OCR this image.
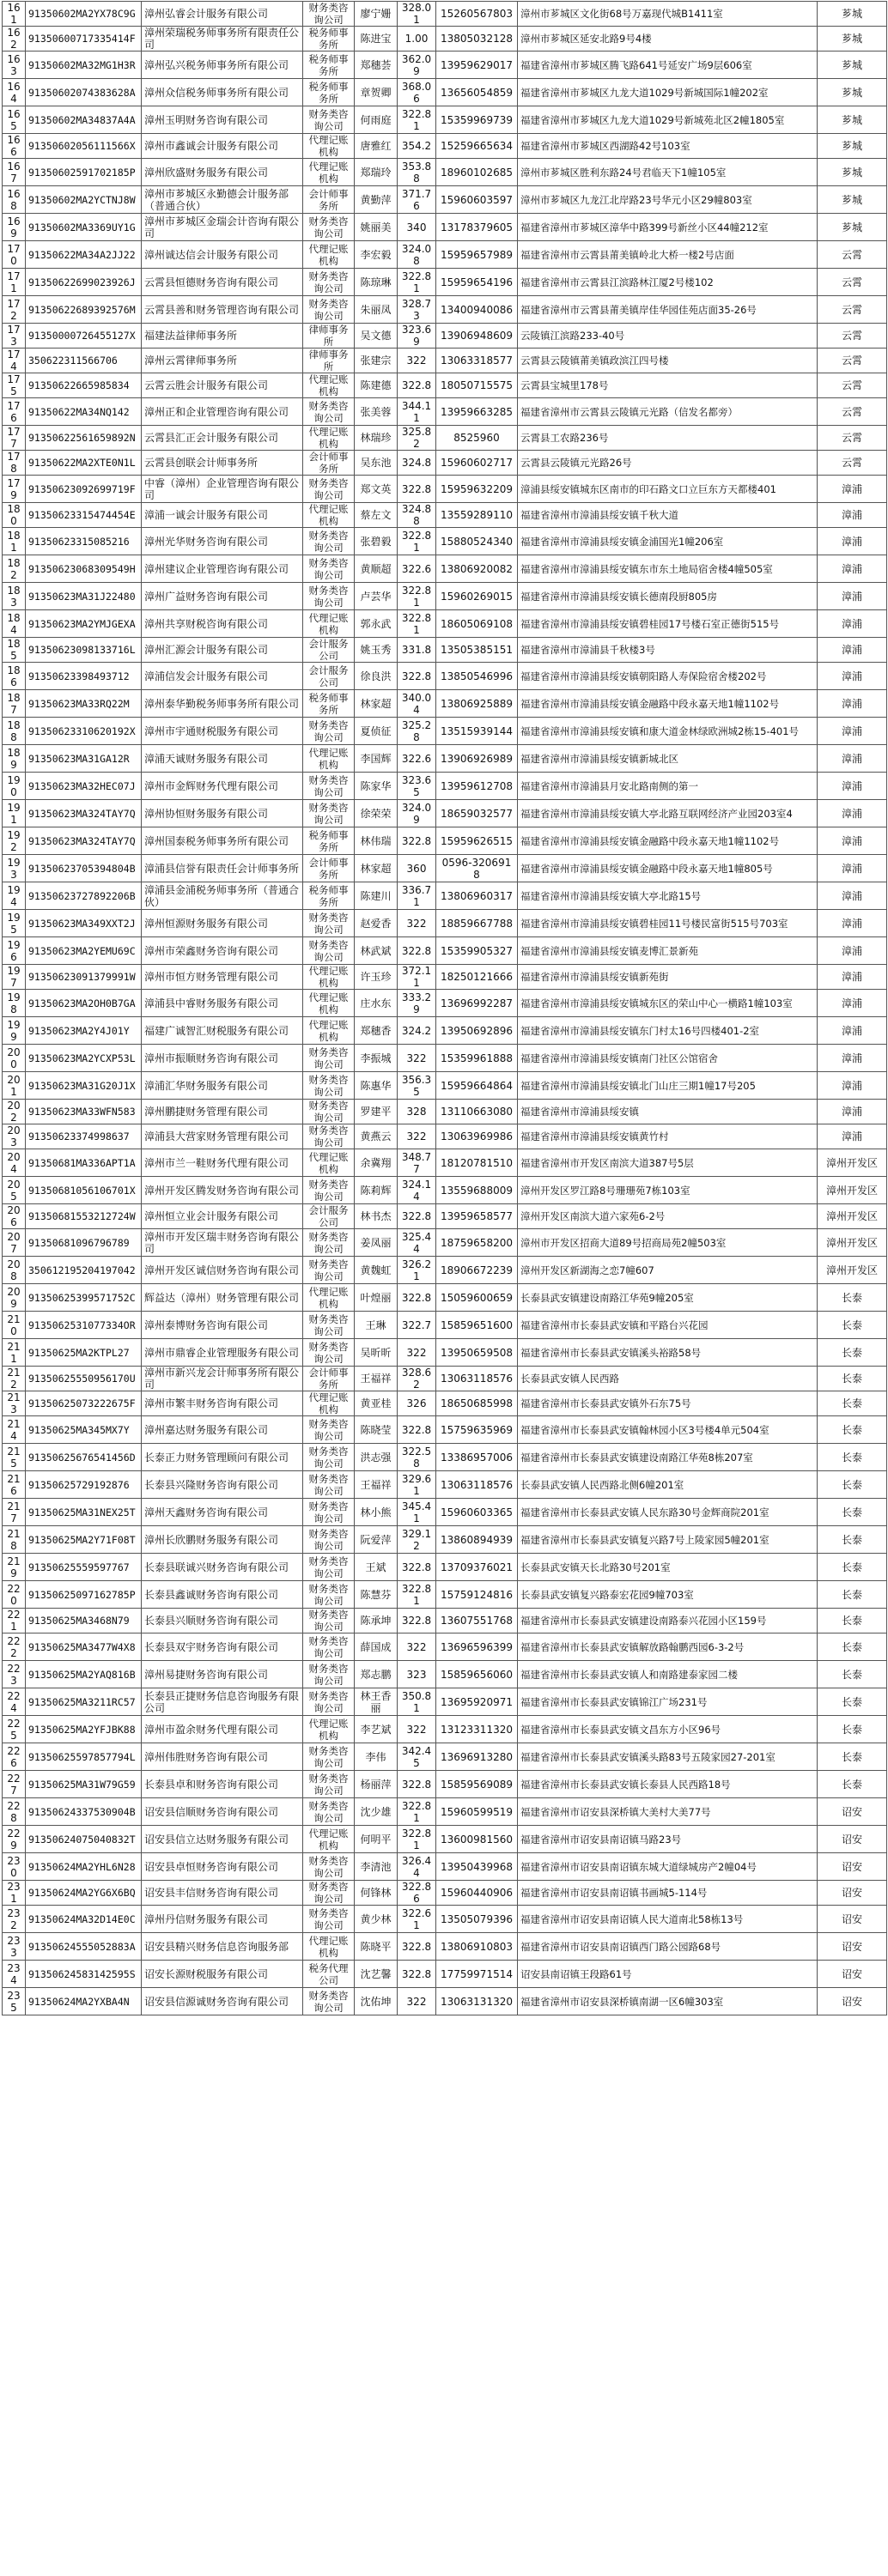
161	91350602MA2YX78C9G	漳州弘睿会计服务有限公司	财务类咨询公司	廖宁姗	328.01	15260567803	漳州市芗城区文化街68号万嘉现代城B1411室	芗城
162	91350600717335414F	漳州荣瑞税务师事务所有限责任公司	税务师事务所	陈进宝	1.00	13805032128	漳州市芗城区延安北路9号4楼	芗城
163	91350602MA32MG1H3R	漳州弘兴税务师事务所有限公司	税务师事务所	郑穗荟	362.09	13959629017	福建省漳州市芗城区腾飞路641号延安广场9层606室	芗城
164	91350602074383628A	漳州众信税务师事务所有限公司	税务师事务所	章贺卿	368.06	13656054859	福建省漳州市芗城区九龙大道1029号新城国际1幢202室	芗城
165	91350602MA34837A4A	漳州玉明财务咨询有限公司	财务类咨询公司	何雨庭	322.81	15359969739	福建省漳州市芗城区九龙大道1029号新城苑北区2幢1805室	芗城
166	91350602056111566X	漳州市鑫诚会计服务有限公司	代理记账机构	唐雅红	354.2	15259665634	福建省漳州市芗城区西湖路42号103室	芗城
167	91350602591702185P	漳州欣盛财务服务有限公司	代理记账机构	郑瑞玲	353.88	18960102685	漳州市芗城区胜利东路24号君临天下1幢105室	芗城
168	91350602MA2YCTNJ8W	漳州市芗城区永勤德会计服务部（普通合伙）	会计师事务所	黄勤萍	371.76	15960603597	漳州市芗城区九龙江北岸路23号华元小区29幢803室	芗城
169	91350602MA3369UY1G	漳州市芗城区金瑞会计咨询有限公司	财务类咨询公司	姚丽美	340	13178379605	福建省漳州市芗城区漳华中路399号新丝小区44幢212室	芗城
170	91350622MA34A2JJ22	漳州诚达信会计服务有限公司	代理记账机构	李宏毅	324.08	15959657989	福建省漳州市云霄县莆美镇岭北大桥一楼2号店面	云霄
171	91350622699023926J	云霄县恒德财务咨询有限公司	财务类咨询公司	陈琼琳	322.81	15959654196	福建省漳州市云霄县江滨路林江厦2号楼102	云霄
172	91350622689392576M	云霄县善和财务管理咨询有限公司	财务类咨询公司	朱丽凤	328.73	13400940086	福建省漳州市云霄县莆美镇岸佳华园佳苑店面35-26号	云霄
173	91350000726455127X	福建法益律师事务所	律师事务所	吴文德	323.69	13906948609	云陵镇江滨路233-40号	云霄
174	350622311566706	漳州云霄律师事务所	律师事务所	张建宗	322	13063318577	云霄县云陵镇莆美镇政滨江四号楼	云霄
175	91350622665985834	云霄云胜会计服务有限公司	代理记账机构	陈建德	322.8	18050715575	云霄县宝城里178号	云霄
176	91350622MA34NQ142	漳州正和企业管理咨询有限公司	财务类咨询公司	张美蓉	344.11	13959663285	福建省漳州市云霄县云陵镇元光路（信发名都旁）	云霄
177	91350622561659892N	云霄县汇正会计服务有限公司	代理记账机构	林瑞珍	325.82	8525960	云霄县工农路236号	云霄
178	91350622MA2XTE0N1L	云霄县创联会计师事务所	会计师事务所	吴东池	324.8	15960602717	云霄县云陵镇元光路26号	云霄
179	91350623092699719F	中睿（漳州）企业管理咨询有限公司	财务类咨询公司	郑文英	322.8	15959632209	漳浦县绥安镇城东区南市的印石路文口立巨东方天都楼401	漳浦
180	91350623315474454E	漳浦一诚会计服务有限公司	代理记账机构	蔡左文	324.88	13559289110	福建省漳州市漳浦县绥安镇千秋大道	漳浦
181	91350623315085216	漳州光华财务咨询有限公司	财务类咨询公司	张碧毅	322.81	15880524340	福建省漳州市漳浦县绥安镇金浦国光1幢206室	漳浦
182	91350623068309549H	漳州建议企业管理咨询有限公司	财务类咨询公司	黄顺超	322.6	13806920082	福建省漳州市漳浦县绥安镇东市东土地局宿舍楼4幢505室	漳浦
183	91350623MA31J22480	漳州广益财务咨询有限公司	财务类咨询公司	卢芸华	322.81	15960269015	福建省漳州市漳浦县绥安镇长德南段厨805房	漳浦
184	91350623MA2YMJGEXA	漳州共享财税咨询有限公司	代理记账机构	郭永武	322.81	18605069108	福建省漳州市漳浦县绥安镇碧桂园17号楼石室正德街515号	漳浦
185	91350623098133716L	漳州汇源会计服务有限公司	会计服务公司	姚玉秀	331.8	13505385151	福建省漳州市漳浦县千秋楼3号	漳浦
186	91350623398493712	漳浦信发会计服务有限公司	会计服务公司	徐良洪	322.8	13850546996	福建省漳州市漳浦县绥安镇朝阳路人寿保险宿舍楼202号	漳浦
187	91350623MA33RQ22M	漳州泰华勤税务师事务所有限公司	税务师事务所	林家超	340.04	13806925889	福建省漳州市漳浦县绥安镇金融路中段永嘉天地1幢1102号	漳浦
188	91350623310620192X	漳州市宇通财税服务有限公司	财务类咨询公司	夏侦征	325.28	13515939144	福建省漳州市漳浦县绥安镇和康大道金林绿欧洲城2栋15-401号	漳浦
189	91350623MA31GA12R	漳浦天诚财务服务有限公司	代理记账机构	李国辉	322.6	13906926989	福建省漳州市漳浦县绥安镇新城北区	漳浦
190	91350623MA32HEC07J	漳州市金辉财务代理有限公司	财务类咨询公司	陈家华	323.65	13959612708	福建省漳州市漳浦县月安北路南侧的第一	漳浦
191	91350623MA324TAY7Q	漳州协恒财务服务有限公司	财务类咨询公司	徐荣荣	324.09	18659032577	福建省漳州市漳浦县绥安镇大亭北路互联网经济产业园203室4	漳浦
192	91350623MA324TAY7Q	漳州国泰税务师事务所有限公司	税务师事务所	林伟瑞	322.8	15959626515	福建省漳州市漳浦县绥安镇金融路中段永嘉天地1幢1102号	漳浦
193	91350623705394804B	漳浦县信誉有限责任会计师事务所	会计师事务所	林家超	360	0596-3206918	福建省漳州市漳浦县绥安镇金融路中段永嘉天地1幢805号	漳浦
194	91350623727892206B	漳浦县金浦税务师事务所（普通合伙）	税务师事务所	陈建川	336.71	13806960317	福建省漳州市漳浦县绥安镇大亭北路15号	漳浦
195	91350623MA349XXT2J	漳州恒源财务服务有限公司	财务类咨询公司	赵爱香	322	18859667788	福建省漳州市漳浦县绥安镇碧桂园11号楼民富街515号703室	漳浦
196	91350623MA2YEMU69C	漳州市荣鑫财务咨询有限公司	财务类咨询公司	林武斌	322.8	15359905327	福建省漳州市漳浦县绥安镇麦博汇景新苑	漳浦
197	91350623091379991W	漳州市恒方财务管理有限公司	代理记账机构	许玉珍	372.11	18250121666	福建省漳州市漳浦县绥安镇新苑街	漳浦
198	91350623MA2OH0B7GA	漳浦县中睿财务服务有限公司	代理记账机构	庄水东	333.29	13696992287	福建省漳州市漳浦县绥安镇城东区的荣山中心一横路1幢103室	漳浦
199	91350623MA2Y4J01Y	福建广诚智汇财税服务有限公司	代理记账机构	郑穗香	324.2	13950692896	福建省漳州市漳浦县绥安镇东门村太16号四楼401-2室	漳浦
200	91350623MA2YCXP53L	漳州市振顺财务咨询有限公司	财务类咨询公司	李振城	322	15359961888	福建省漳州市漳浦县绥安镇南门社区公馆宿舍	漳浦
201	91350623MA31G20J1X	漳浦汇华财务服务有限公司	财务类咨询公司	陈惠华	356.35	15959664864	福建省漳州市漳浦县绥安镇北门山庄三期1幢17号205	漳浦
202	91350623MA33WFN583	漳州鹏捷财务管理有限公司	财务类咨询公司	罗建平	328	13110663080	福建省漳州市漳浦县绥安镇	漳浦
203	91350623374998637	漳浦县大营家财务管理有限公司	财务类咨询公司	黄燕云	322	13063969986	福建省漳州市漳浦县绥安镇黄竹村	漳浦
204	91350681MA336APT1A	漳州市兰一鞋财务代理有限公司	代理记账机构	余冀翔	348.77	18120781510	福建省漳州市开发区南滨大道387号5层	漳州开发区
205	91350681056106701X	漳州开发区腾发财务咨询有限公司	财务类咨询公司	陈莉辉	324.14	13559688009	漳州开发区罗江路8号珊珊苑7栋103室	漳州开发区
206	91350681553212724W	漳州恒立业会计服务有限公司	会计服务公司	林书杰	322.8	13959658577	漳州开发区南滨大道六家苑6-2号	漳州开发区
207	91350681096796789	漳州市开发区瑞丰财务咨询有限公司	财务类咨询公司	姜凤丽	325.44	18759658200	漳州市开发区招商大道89号招商局苑2幢503室	漳州开发区
208	350612195204197042	漳州开发区诚信财务咨询有限公司	财务类咨询公司	黄魏虹	326.21	18906672239	漳州开发区新湖海之恋7幢607	漳州开发区
209	91350625399571752C	辉益达（漳州）财务管理有限公司	代理记账机构	叶煌丽	322.8	15059600659	长泰县武安镇建设南路江华苑9幢205室	长泰
210	9135062531077334OR	漳州泰博财务咨询有限公司	财务类咨询公司	王琳	322.7	15859651600	福建省漳州市长泰县武安镇和平路台兴花园	长泰
211	91350625MA2KTPL27	漳州市鼎睿企业管理服务有限公司	财务类咨询公司	吴昕昕	322	13950659508	福建省漳州市长泰县武安镇溪头裕路58号	长泰
212	91350625550956170U	漳州市新兴龙会计师事务所有限公司	会计师事务所	王福祥	328.62	13063118576	长泰县武安镇人民西路	长泰
213	91350625073222675F	漳州市繁丰财务咨询有限公司	代理记账机构	黄亚桂	326	18650685998	福建省漳州市长泰县武安镇外石东75号	长泰
214	91350625MA345MX7Y	漳州嘉达财务服务有限公司	财务类咨询公司	陈晓莹	322.8	15759635969	福建省漳州市长泰县武安镇翰林园小区3号楼4单元504室	长泰
215	91350625676541456D	长泰正力财务管理顾问有限公司	财务类咨询公司	洪志强	322.58	13386957006	福建省漳州市长泰县武安镇建设南路江华苑8栋207室	长泰
216	91350625729192876	长泰县兴隆财务咨询有限公司	财务类咨询公司	王福祥	329.61	13063118576	长泰县武安镇人民西路北侧6幢201室	长泰
217	91350625MA31NEX25T	漳州天鑫财务咨询有限公司	财务类咨询公司	林小熊	345.41	15960603365	福建省漳州市长泰县武安镇人民东路30号金辉商院201室	长泰
218	91350625MA2Y71F08T	漳州长欣鹏财务服务有限公司	财务类咨询公司	阮爱萍	329.12	13860894939	福建省漳州市长泰县武安镇复兴路7号上陵家园5幢201室	长泰
219	91350625559597767	长泰县联诚兴财务咨询有限公司	财务类咨询公司	王斌	322.8	13709376021	长泰县武安镇天长北路30号201室	长泰
220	91350625097162785P	长泰县鑫诚财务咨询有限公司	财务类咨询公司	陈慧芬	322.81	15759124816	长泰县武安镇复兴路泰宏花园9幢703室	长泰
221	91350625MA3468N79	长泰县兴顺财务咨询有限公司	财务类咨询公司	陈承坤	322.8	13607551768	福建省漳州市长泰县武安镇建设南路泰兴花园小区159号	长泰
222	91350625MA3477W4X8	长泰县双宇财务咨询有限公司	财务类咨询公司	薛国成	322	13696596399	福建省漳州市长泰县武安镇解放路翰鹏西园6-3-2号	长泰
223	91350625MA2YAQ816B	漳州易捷财务咨询有限公司	财务类咨询公司	郑志鹏	323	15859656060	福建省漳州市长泰县武安镇人和南路建泰家园二楼	长泰
224	91350625MA3211RC57	长泰县正捷财务信息咨询服务有限公司	财务类咨询公司	林王香丽	350.81	13695920971	福建省漳州市长泰县武安镇锦江广场231号	长泰
225	91350625MA2YFJBK88	漳州市盈余财务代理有限公司	代理记账机构	李艺斌	322	13123311320	福建省漳州市长泰县武安镇文昌东方小区96号	长泰
226	91350625597857794L	漳州伟胜财务咨询有限公司	财务类咨询公司	李伟	342.45	13696913280	福建省漳州市长泰县武安镇溪头路83号五陵家园27-201室	长泰
227	91350625MA31W79G59	长泰县卓和财务咨询有限公司	财务类咨询公司	杨丽萍	322.8	15859569089	福建省漳州市长泰县武安镇长泰县人民西路18号	长泰
228	91350624337530904B	诏安县信顺财务咨询有限公司	财务类咨询公司	沈少雄	322.81	15960599519	福建省漳州市诏安县深桥镇大美村大美77号	诏安
229	91350624075040832T	诏安县信立达财务服务有限公司	代理记账机构	何明平	322.81	13600981560	福建省漳州市诏安县南诏镇马路23号	诏安
230	91350624MA2YHL6N28	诏安县卓恒财务咨询有限公司	财务类咨询公司	李清池	326.44	13950439968	福建省漳州市诏安县南诏镇东城大道绿城房产2幢04号	诏安
231	91350624MA2YG6X6BQ	诏安县丰信财务咨询有限公司	财务类咨询公司	何锋林	322.86	15960440906	福建省漳州市诏安县南诏镇书画城5-114号	诏安
232	91350624MA32D14E0C	漳州丹信财务服务有限公司	财务类咨询公司	黄少林	322.61	13505079396	福建省漳州市诏安县南诏镇人民大道南北58栋13号	诏安
233	91350624555052883A	诏安县精兴财务信息咨询服务部	代理记账机构	陈晓平	322.8	13806910803	福建省漳州市诏安县南诏镇西门路公园路68号	诏安
234	91350624583142595S	诏安长源财税服务有限公司	税务代理公司	沈艺馨	322.8	17759971514	诏安县南诏镇王段路61号	诏安
235	91350624MA2YXBA4N	诏安县信源诚财务咨询有限公司	财务类咨询公司	沈佑坤	322	13063131320	福建省漳州市诏安县深桥镇南湖一区6幢303室	诏安
